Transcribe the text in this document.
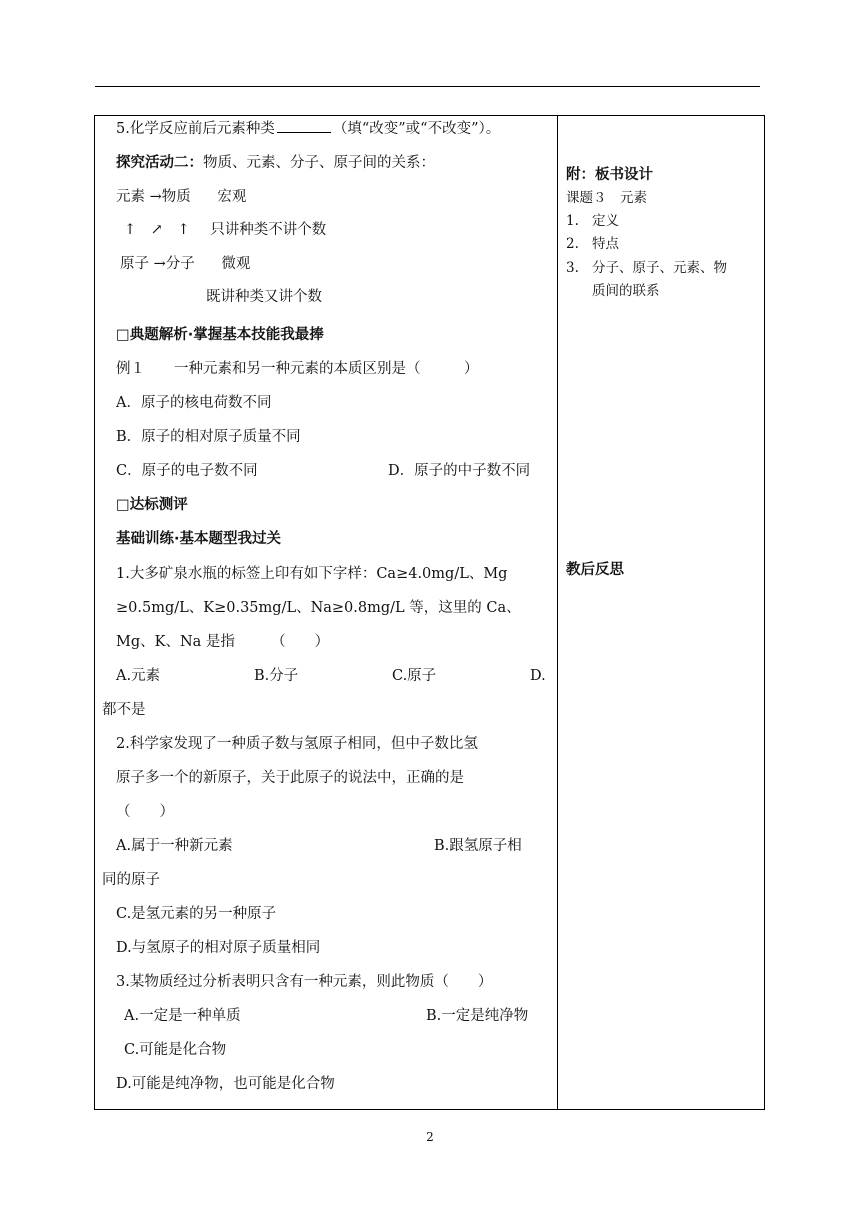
5.化学反应前后元素种类	（填“改变”或“不改变”）。
探究活动二：物质、元素、分子、原子间的关系：
元素 →物质 宏观
↑ ↗ ↑ 只讲种类不讲个数
原子 →分子 微观
既讲种类又讲个数
□典题解析·掌握基本技能我最捧
例１　　一种元素和另一种元素的本质区别是（　　　）
A．原子的核电荷数不同
B．原子的相对原子质量不同
C．原子的电子数不同	D．原子的中子数不同
□达标测评
基础训练·基本题型我过关
1.大多矿泉水瓶的标签上印有如下字样：Ca≥4.0mg/L、Mg
≥0.5mg/L、K≥0.35mg/L、Na≥0.8mg/L 等，这里的 Ca、
Mg、K、Na 是指　　　（　　）
A.元素	B.分子	C.原子	D.
都不是
2.科学家发现了一种质子数与氢原子相同，但中子数比氢
原子多一个的新原子，关于此原子的说法中，正确的是
（　　）
A.属于一种新元素	B.跟氢原子相
同的原子
C.是氢元素的另一种原子
D.与氢原子的相对原子质量相同
3.某物质经过分析表明只含有一种元素，则此物质（　　）
A.一定是一种单质	B.一定是纯净物
C.可能是化合物
D.可能是纯净物，也可能是化合物
附：板书设计
课题３　元素
1. 定义
2. 特点
3. 分子、原子、元素、物
质间的联系
教后反思
2
